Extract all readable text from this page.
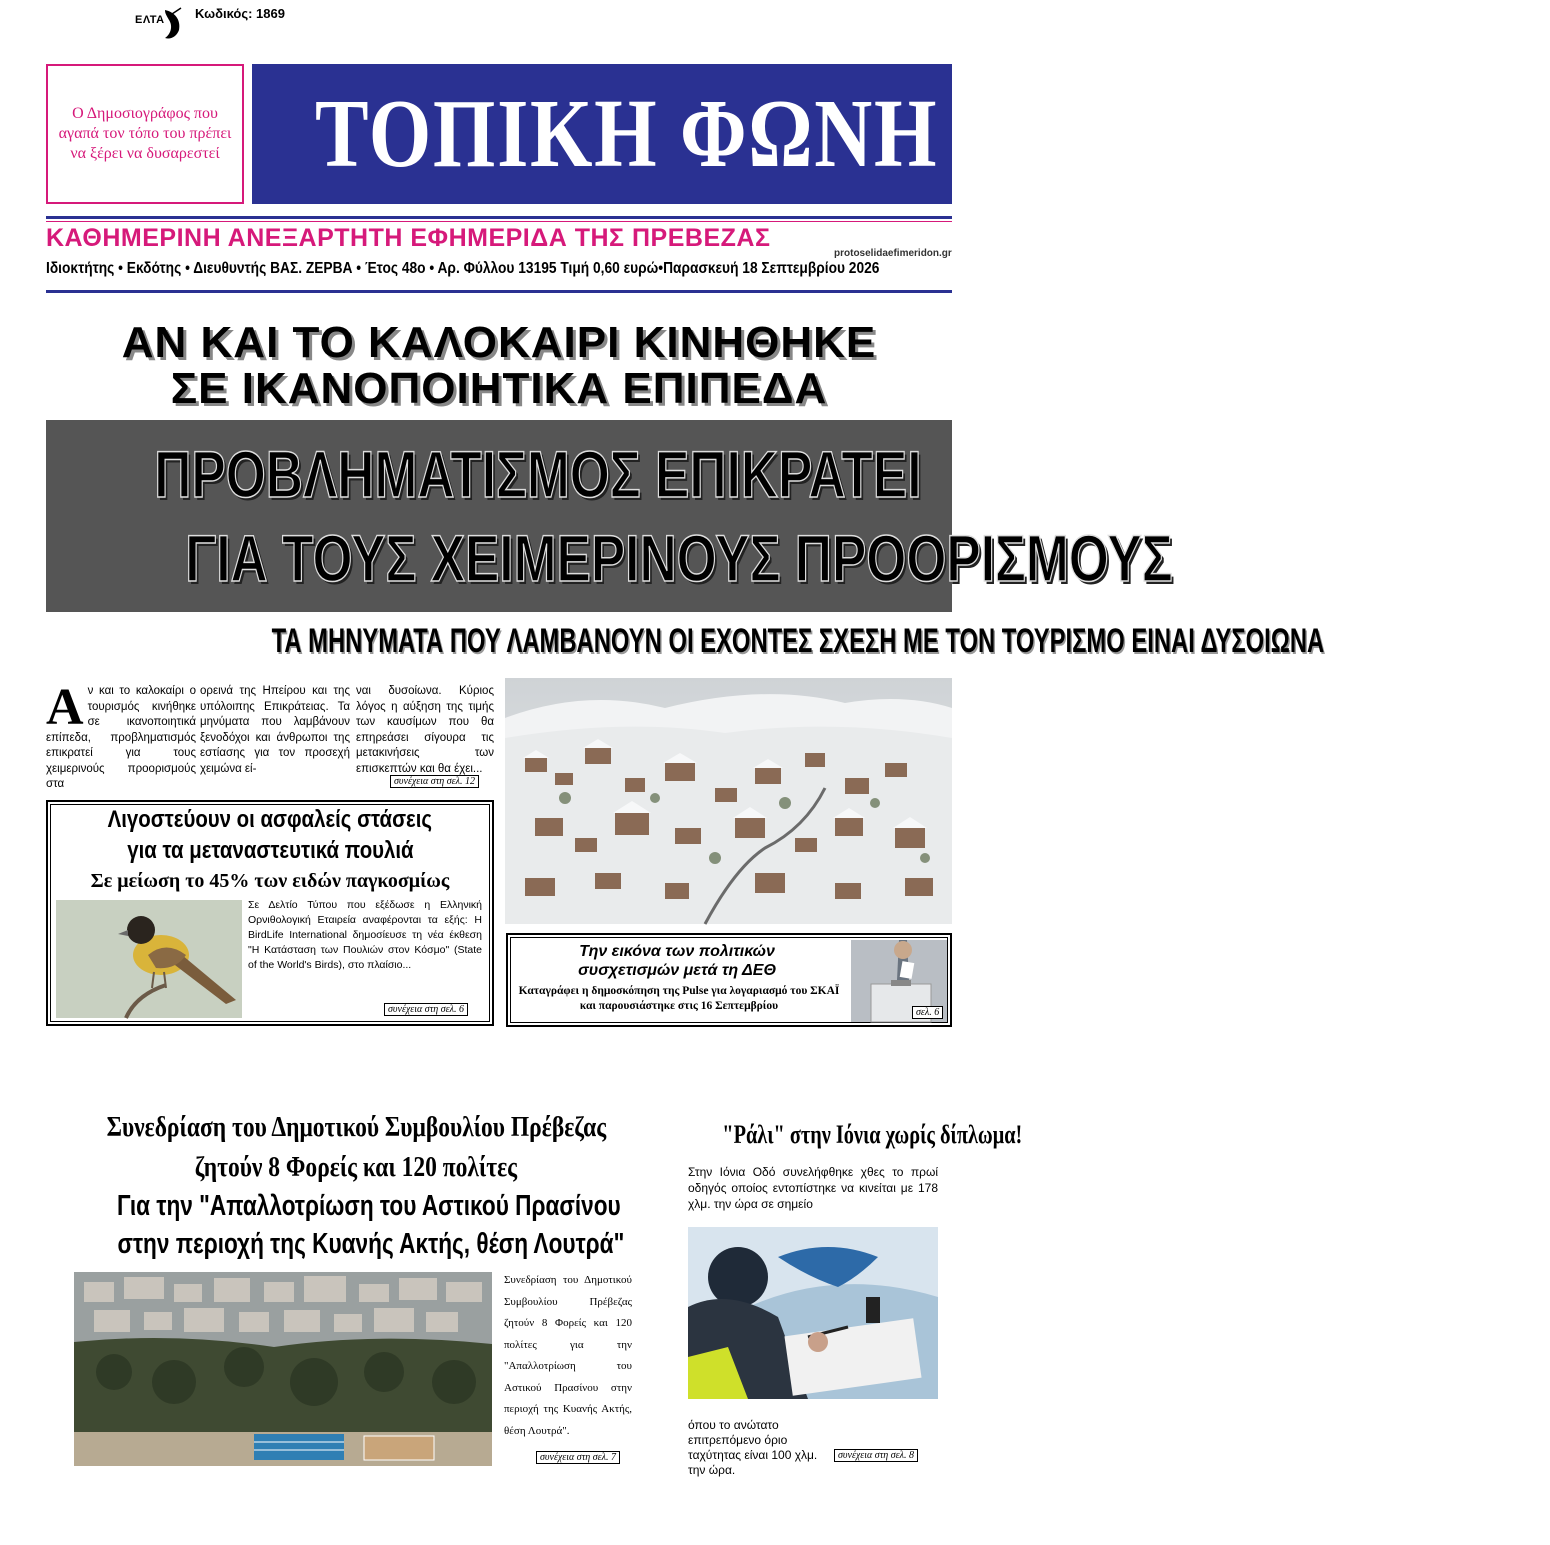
ΕΛΤΑ Κωδικός: 1869
Ο Δημοσιογράφος που αγαπά τον τόπο του πρέπει να ξέρει να δυσαρεστεί ΤΟΠΙΚΗ ΦΩΝΗ
ΚΑΘΗΜΕΡΙΝΗ ΑΝΕΞΑΡΤΗΤΗ ΕΦΗΜΕΡΙΔΑ ΤΗΣ ΠΡΕΒΕΖΑΣ
protoselidaefimeridon.gr
Ιδιοκτήτης • Εκδότης • Διευθυντής ΒΑΣ. ΖΕΡΒΑ • Έτος 48ο • Αρ. Φύλλου 13195 Τιμή 0,60 ευρώ•Παρασκευή 18 Σεπτεμβρίου 2026
ΑΝ ΚΑΙ ΤΟ ΚΑΛΟΚΑΙΡΙ ΚΙΝΗΘΗΚΕ
ΣΕ ΙΚΑΝΟΠΟΙΗΤΙΚΑ ΕΠΙΠΕΔΑ
ΠΡΟΒΛΗΜΑΤΙΣΜΟΣ ΕΠΙΚΡΑΤΕΙ
ΓΙΑ ΤΟΥΣ ΧΕΙΜΕΡΙΝΟΥΣ ΠΡΟΟΡΙΣΜΟΥΣ
ΤΑ ΜΗΝΥΜΑΤΑ ΠΟΥ ΛΑΜΒΑΝΟΥΝ ΟΙ ΕΧΟΝΤΕΣ ΣΧΕΣΗ ΜΕ ΤΟΝ ΤΟΥΡΙΣΜΟ ΕΙΝΑΙ ΔΥΣΟΙΩΝΑ
Α ν και το καλοκαίρι ο τουρισμός κινήθηκε σε ικανοποιητικά επίπεδα, προβληματισμός επικρατεί για τους χειμερινούς προορισμούς στα
ορεινά της Ηπείρου και της υπόλοιπης Επικράτειας. Τα μηνύματα που λαμβάνουν ξενοδόχοι και άνθρωποι της εστίασης για τον προσεχή χειμώνα εί-
ναι δυσοίωνα. Κύριος λόγος η αύξηση της τιμής των καυσίμων που θα επηρεάσει σίγουρα τις μετακινήσεις των επισκεπτών και θα έχει...
συνέχεια στη σελ. 12
Λιγοστεύουν οι ασφαλείς στάσεις
για τα μεταναστευτικά πουλιά
Σε μείωση το 45% των ειδών παγκοσμίως
Σε Δελτίο Τύπου που εξέδωσε η Ελληνική Ορνιθολογική Εταιρεία αναφέρονται τα εξής: Η BirdLife International δημοσίευσε τη νέα έκθεση "Η Κατάσταση των Πουλιών στον Κόσμο" (State of the World's Birds), στο πλαίσιο...
συνέχεια στη σελ. 6
Την εικόνα των πολιτικών
συσχετισμών μετά τη ΔΕΘ
Καταγράφει η δημοσκόπηση της Pulse για λογαριασμό του ΣΚΑΪ και παρουσιάστηκε στις 16 Σεπτεμβρίου
σελ. 6
Συνεδρίαση του Δημοτικού Συμβουλίου Πρέβεζας
ζητούν 8 Φορείς και 120 πολίτες
Για την "Απαλλοτρίωση του Αστικού Πρασίνου
στην περιοχή της Κυανής Ακτής, θέση Λουτρά"
Συνεδρίαση του Δημοτικού Συμβουλίου Πρέβεζας ζητούν 8 Φορείς και 120 πολίτες για την "Απαλλοτρίωση του Αστικού Πρασίνου στην περιοχή της Κυανής Ακτής, θέση Λουτρά".
συνέχεια στη σελ. 7
"Ράλι" στην Ιόνια χωρίς δίπλωμα!
Στην Ιόνια Οδό συνελήφθηκε χθες το πρωί οδηγός οποίος εντοπίστηκε να κινείται με 178 χλμ. την ώρα σε σημείο
όπου το ανώτατο επιτρεπόμενο όριο ταχύτητας είναι 100 χλμ. την ώρα.
συνέχεια στη σελ. 8
